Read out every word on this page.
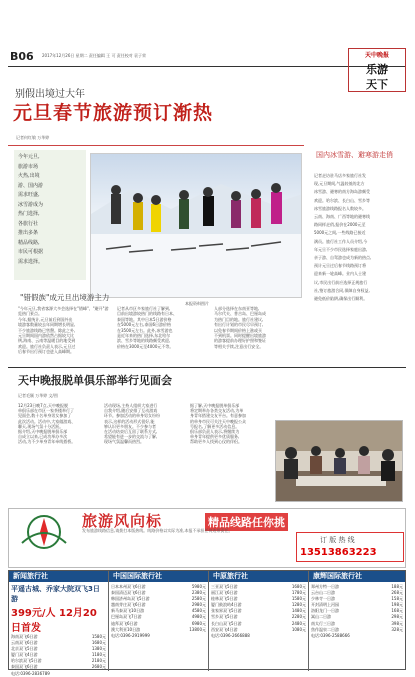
B06 2017年12月26日 星期二 责任编辑 王 可 责任校对 袁子荣	天中晚报
乐游
天下
别假出境过大年
元旦春节旅游预订渐热
记者何红敏 万华婷
今年元旦,
旅游市场
火热,出境
游、国内游
需求旺盛,
冰雪游成为
热门选择,
各旅行社
推出多条
精品线路,
市民可根据
需求选择。
本报资料图片
"错假族"成元旦出境游主力
"今年元旦,我省客源大多会选择在"错峰"、"避开"游览热门景点。
今年,据统计,元旦前后到国外出
境游客数量较去年同期增长明显,
不少旅游线路已售罄。除此之外,
元旦期间国内游依然占据较大比
例,海南、云南等温暖目的地受到
欢迎。旅行社负责人表示,元旦过
后春节出行预订也进入高峰期。
记者从市区多家旅行社了解到,
目前出境游较热门的线路有日本、
泰国等地。其中日本5日游价格
在5000元左右,泰国6日游价格
在3500元左右。此外,冰雪游也
是近年来的热门选择,东北哈尔
滨、雪乡等地的线路颇受欢迎,
价格在3000元至4000元不等。
人部分选择在东南亚等地,
马尔代夫、普吉岛、巴厘岛成
为热门目的地。旅行社建议,
有出行计划的市民尽早预订,
以免春节期间价格上涨或买
不到机票。同时提醒出境旅游
的游客提前办理好护照和签证
等相关手续,注意出行安全。
国内冰雪游、避寒游走俏
记者走访驻马店多家旅行社发
现,元旦期间,气温较低的北方
冰雪游、避寒的南方海岛游颇受
欢迎。哈尔滨、长白山、雪乡等
冰雪旅游线路报名人数较多。
云南、海南、广西等地的避寒线
路同样走俏,报价在2000元至
5000元之间,一些线路已接近
满员。旅行社工作人员介绍,今
年元旦不少市民选择家庭出游,
亲子游、自驾游也成为新的热点,
预计元旦过后春节线路预订将
迎来新一轮高峰。业内人士建
议,市民出行前应选择正规旅行
社,签订旅游合同,保障自身权益,
避免低价陷阱,确保出行顺利。
天中晚报脱单俱乐部举行见面会
记者毛颖 万华婷 文/图
12月23日晚7点,天中晚报脱
单俱乐部在市区一家茶楼举行了
见面会,数十名单身男女参加了
此次活动。活动中,大家做游戏、
聊天,现场气氛十分活跃。
据介绍,天中晚报脱单俱乐部
自成立以来,已成功举办多次
活动,为不少单身青年牵线搭桥。
活动现场,主持人组织大家进行
自我介绍,随后安排了互动游戏
环节。参加活动的单身男女纷纷
表示,这样的活动形式很好,能
够认识更多朋友。不少参与者
在活动结束后互留了联系方式,
希望能有进一步的交流与了解,
现场气氛温馨而热烈。
据了解,天中晚报脱单俱乐部
将定期举办各类交友活动,为单
身青年搭建交友平台。有意参加
的单身市民可关注天中晚报公众
号报名,了解更多活动信息。
俱乐部负责人表示,将继续为
单身青年提供更多优质服务,
帮助更多人找到心仪的伴侣。
旅游风向标	精品线路任你挑
发布旅游线路信息,请拨打本版热线。线路价格以实际为准,本报不承担任何连带责任。
订 版 热 线
13513863223
新闻旅行社
平遥古城、乔家大院双飞3日游
399元/人 12月20日首发
海南双飞6日游	1580元
云南双飞6日游	1680元
北京双飞5日游	1380元
厦门双飞4日游	1180元
哈尔滨双飞5日游	2180元
泰国双飞6日游	2680元
电话:0396-2836789
中国国际旅行社
日本本州双飞6日游	5980元
泰国清迈双飞6日游	2380元
韩国济州岛双飞5日游	2580元
越南芽庄双飞6日游	2980元
新马泰双飞10日游	4580元
巴厘岛双飞7日游	4980元
迪拜双飞6日游	6980元
澳大利亚10日游	13800元
电话:0396-2919999
中原旅行社
三亚双飞5日游	1680元
丽江双飞6日游	1780元
桂林双飞5日游	1580元
厦门鼓浪屿4日游	1280元
张家界双飞5日游	1480元
雪乡双飞5日游	2280元
长白山双飞5日游	2480元
西安双飞4日游	1080元
电话:0396-2666888
康辉国际旅行社
郑州方特一日游	188元
云台山二日游	268元
少林寺一日游	158元
开封清明上河园	198元
洛阳龙门一日游	168元
嵩山二日游	298元
南太行三日游	398元
焦作温泉二日游	328元
电话:0396-2588666
